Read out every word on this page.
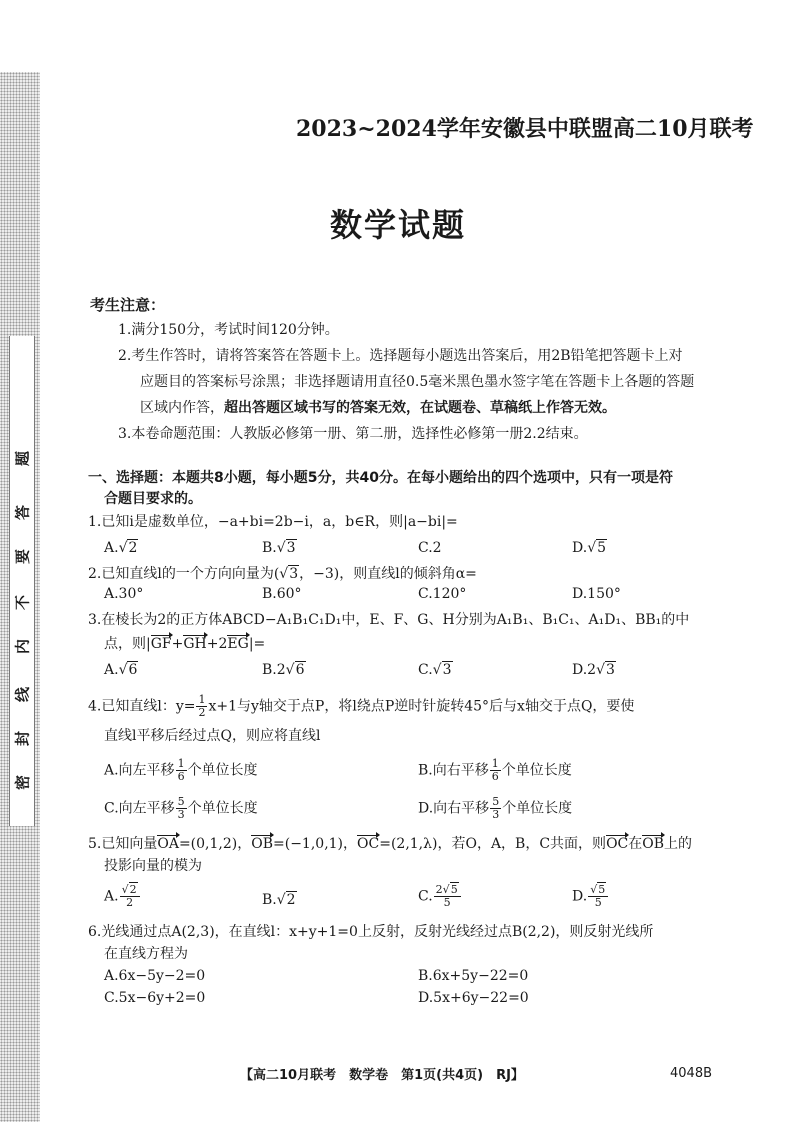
题
答
要
不
内
线
封
密
2023~2024学年安徽县中联盟高二10月联考
数学试题
考生注意：
1.满分150分，考试时间120分钟。
2.考生作答时，请将答案答在答题卡上。选择题每小题选出答案后，用2B铅笔把答题卡上对
应题目的答案标号涂黑；非选择题请用直径0.5毫米黑色墨水签字笔在答题卡上各题的答题
区域内作答，超出答题区域书写的答案无效，在试题卷、草稿纸上作答无效。
3.本卷命题范围：人教版必修第一册、第二册，选择性必修第一册2.2结束。
一、选择题：本题共8小题，每小题5分，共40分。在每小题给出的四个选项中，只有一项是符
合题目要求的。
1.已知i是虚数单位，−a+bi=2b−i，a，b∈R，则|a−bi|=
A.√2	B.√3	C.2	D.√5
2.已知直线l的一个方向向量为(√3，−3)，则直线l的倾斜角α=
A.30°	B.60°	C.120°	D.150°
3.在棱长为2的正方体ABCD−A₁B₁C₁D₁中，E、F、G、H分别为A₁B₁、B₁C₁、A₁D₁、BB₁的中
点，则|GF+GH+2EG|=
A.√6	B.2√6	C.√3	D.2√3
4.已知直线l：$y= \frac{1}{2} x+1$与y轴交于点P，将l绕点P逆时针旋转45°后与x轴交于点Q，要使
直线l平移后经过点Q，则应将直线l
A.向左平移 $\frac{1}{6}$ 个单位长度	B.向右平移 $\frac{1}{6}$ 个单位长度
C.向左平移 $\frac{5}{3}$ 个单位长度	D.向右平移 $\frac{5}{3}$ 个单位长度
5.已知向量OA=(0,1,2)，OB=(−1,0,1)，OC=(2,1,λ)，若O，A，B，C共面，则OC在OB上的
投影向量的模为
A. $\frac{√2}{2}$	B.√2	C. $\frac{2√5}{5}$	D. $\frac{√5}{5}$
6.光线通过点A(2,3)，在直线l：x+y+1=0上反射，反射光线经过点B(2,2)，则反射光线所
在直线方程为
A.6x−5y−2=0	B.6x+5y−22=0
C.5x−6y+2=0	D.5x+6y−22=0
【高二10月联考　数学卷　第1页(共4页)　RJ】	4048B
